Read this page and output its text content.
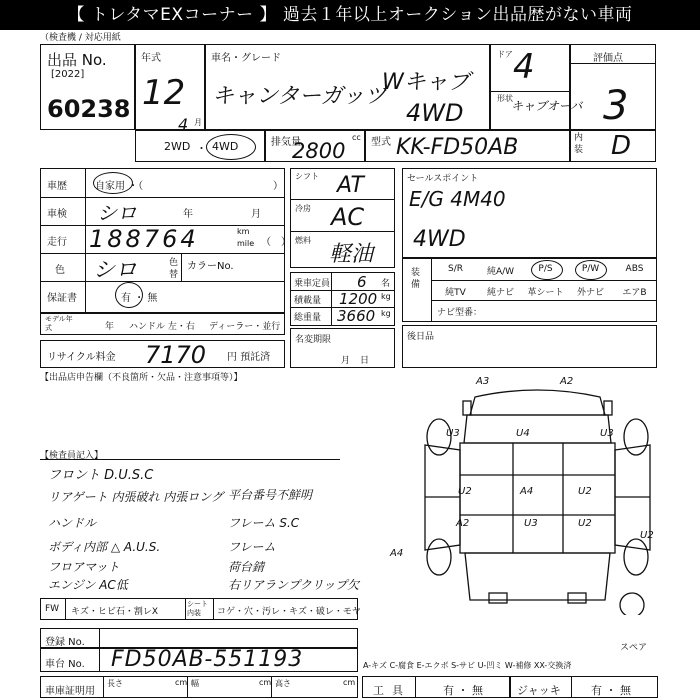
【 トレタマEXコーナー 】 過去１年以上オークション出品歴がない車両
（検査機 / 対応用紙
出品 No.
[2022]
60238
年式
12
4 月
車名・グレード
キャンターガッツ
Wキャブ
4WD
ドア 4
形状
キャブオーバ
評価点
3
2WD ・ 4WD	排気量
2800
cc 型式 KK-FD50AB	内装 D
車歴	自家用 ・（	）
車検 シロ	年	月
走行 188764	km
mile （　）
色 シロ	色
替
カラーNo.
保証書	有 ・ 無
モデル年式	年 ハンドル 左・右 ディーラー・並行
リサイクル料金 7170 円 預託済
シフト AT
冷房 AC
燃料
軽油
乗車定員 6 名
積載量 1200 kg
総重量 3660 kg
名変期限
月日
セールスポイント
E/G 4M40
4WD
装備
S/R	純A/W	P/S	P/W	ABS
純TV	純ナビ	革シート	外ナビ	エアB
ナビ型番：
後日品
【出品店申告欄（不良箇所・欠品・注意事項等）】
【検査員記入】
フロント D.U.S.C
リアゲート 内張破れ 内張ロング
ハンドル
ボディ内部 △ A.U.S.
フロアマット
エンジン AC低
平台番号不鮮明
フレーム S.C
フレーム
荷台錆
右リアランプクリップ欠
FW キズ・ヒビ石・割レX
シート内装	コゲ・穴・汚レ・キズ・破レ・モヤ
A3	A2
U3	U4	U3
U2	A4	U2
A2	U3
U2
A4
U2
スペア
A-キズ C-腐食 E-エクボ S-サビ U-凹ミ W-補修 XX-交換済
登録 No.
車台 No. FD50AB-551193
車庫証明用
長さ	cm 幅	cm 高さ	cm
工具	有 ・ 無	ジャッキ	有 ・ 無
